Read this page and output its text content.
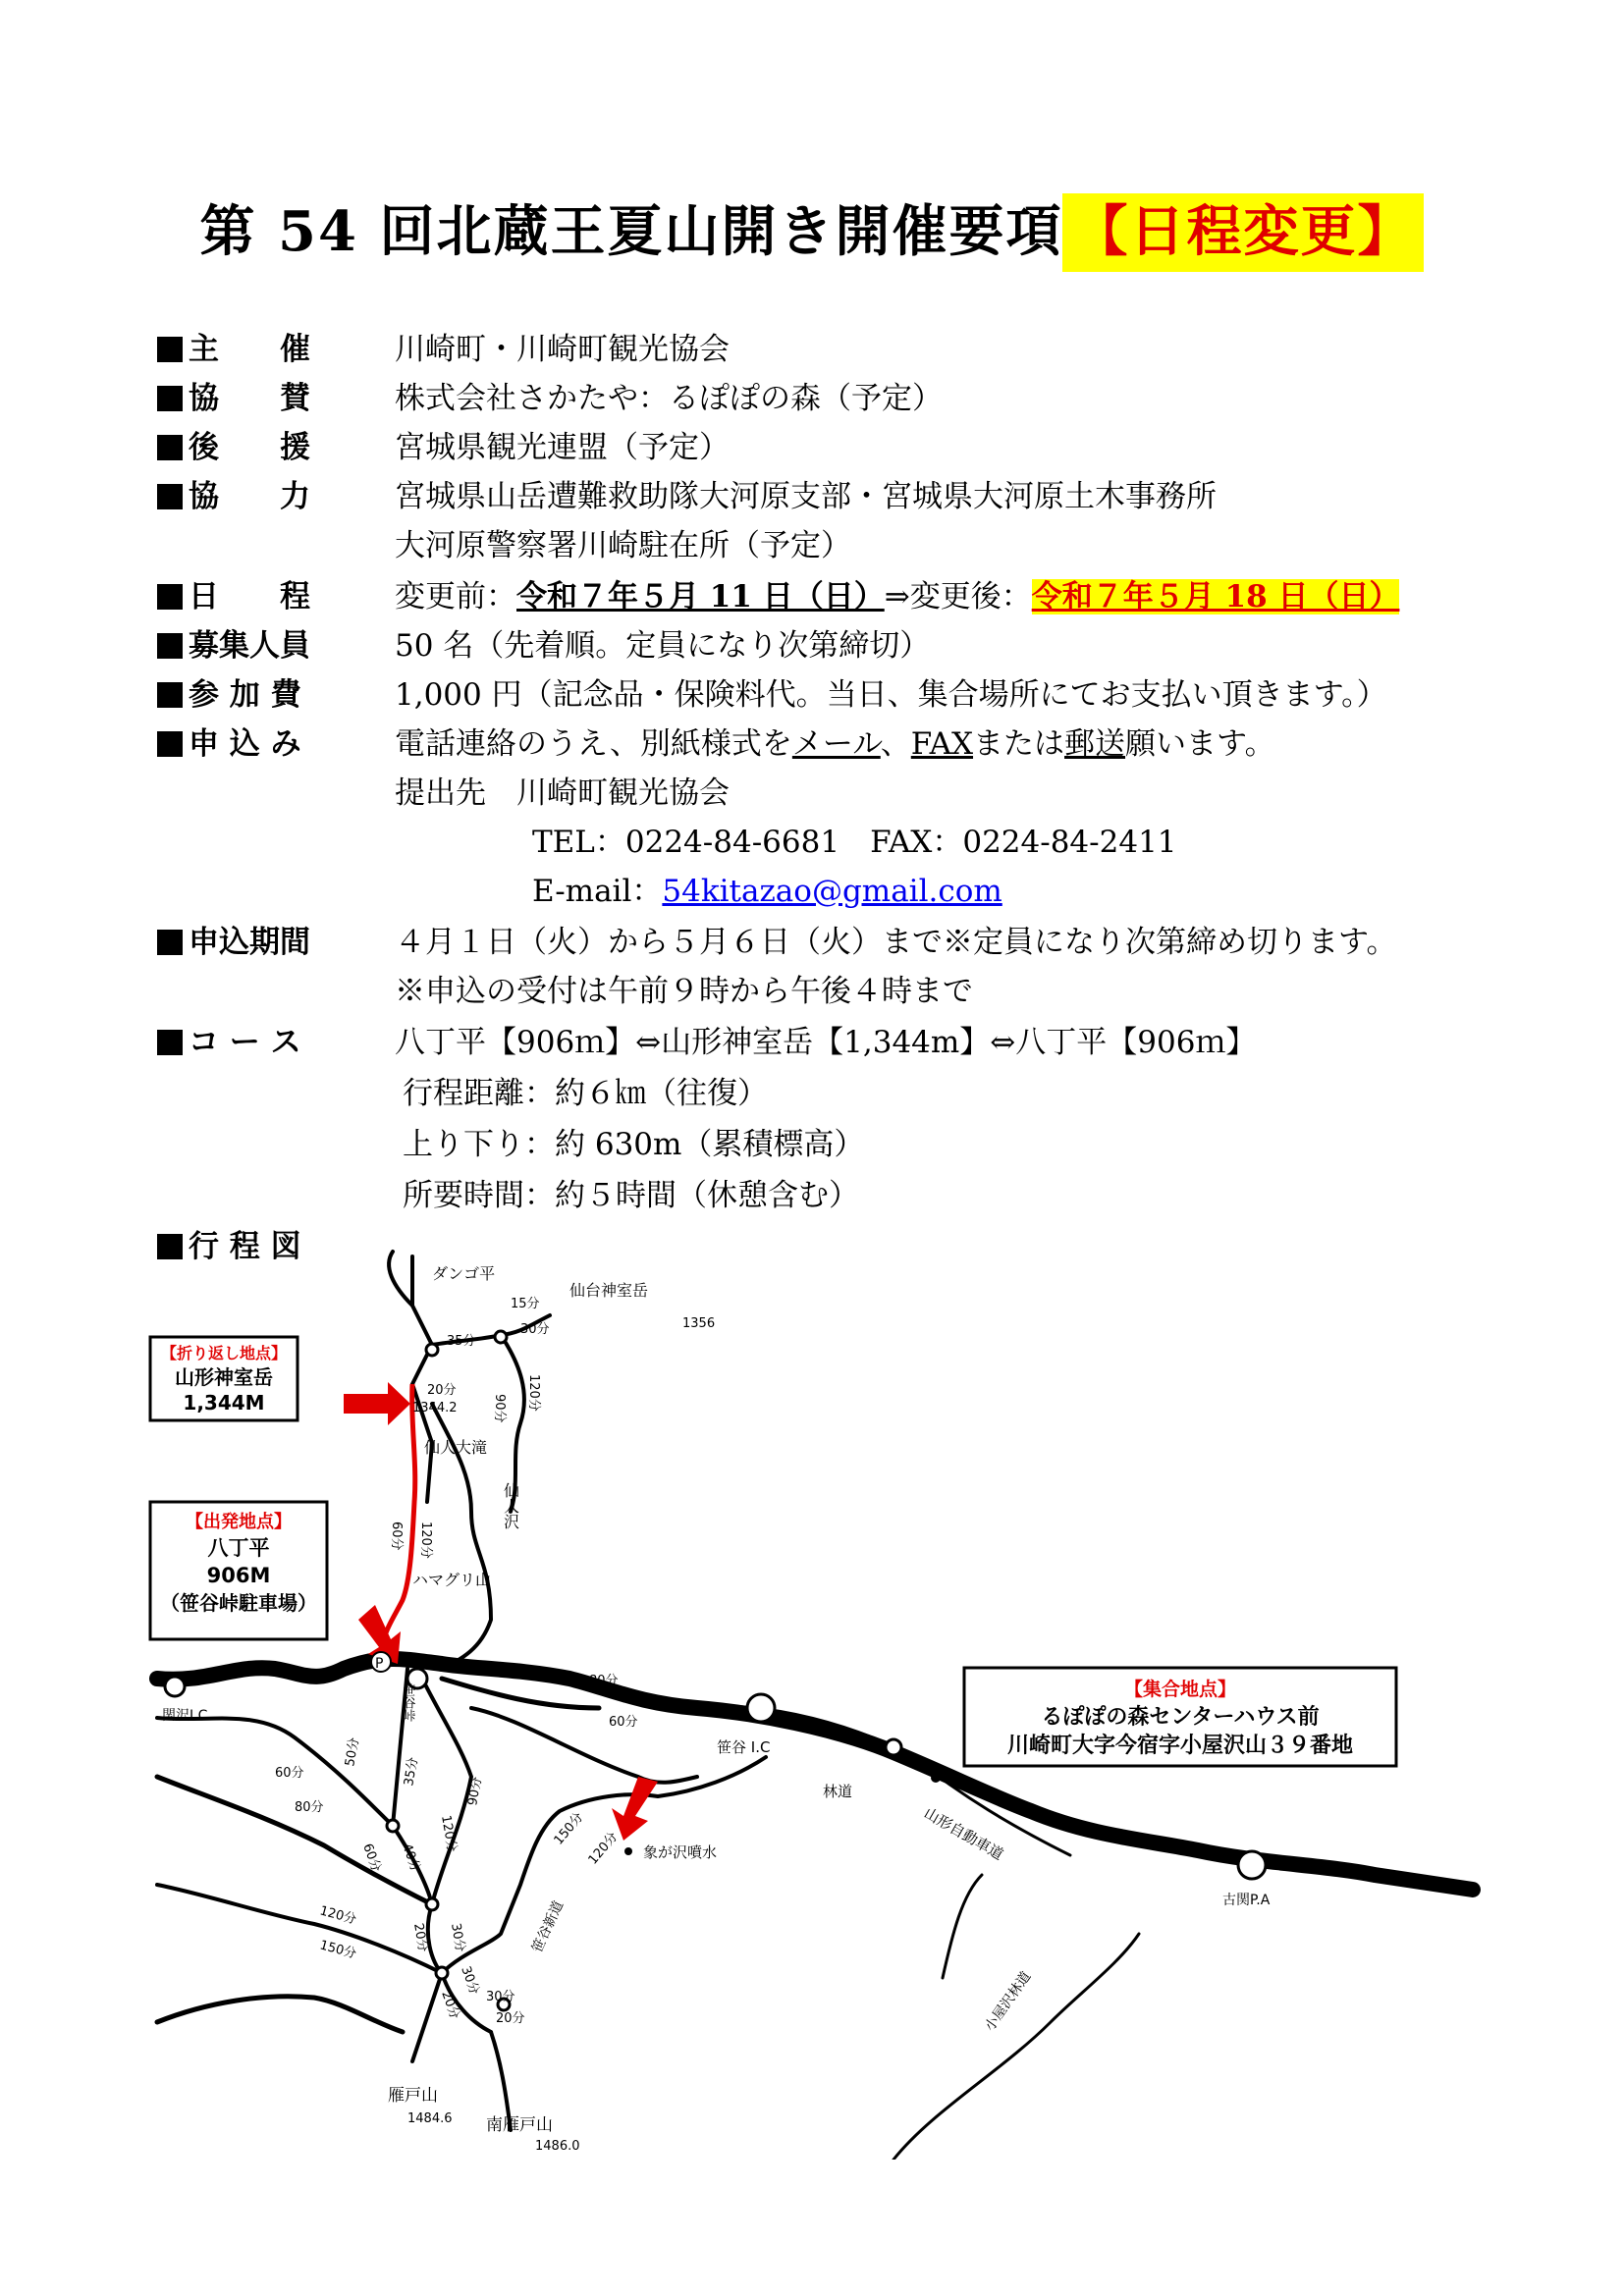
第 54 回北蔵王夏山開き開催要項 【日程変更】
主　　催	川崎町・川崎町観光協会
協　　賛	株式会社さかたや：るぽぽの森（予定）
後　　援	宮城県観光連盟（予定）
協　　力	宮城県山岳遭難救助隊大河原支部・宮城県大河原土木事務所
大河原警察署川崎駐在所（予定）
日　　程	変更前：令和７年５月 11 日（日）⇒変更後：令和７年５月 18 日（日）
募集人員	50 名（先着順。定員になり次第締切）
参 加 費	1,000 円（記念品・保険料代。当日、集合場所にてお支払い頂きます。）
申 込 み	電話連絡のうえ、別紙様式をメール、FAXまたは郵送願います。
提出先　川崎町観光協会
TEL：0224-84-6681　FAX：0224-84-2411
E-mail：54kitazao@gmail.com
申込期間	４月１日（火）から５月６日（火）まで※定員になり次第締め切ります。
※申込の受付は午前９時から午後４時まで
コ ー ス	八丁平【906ｍ】⇔山形神室岳【1,344m】⇔八丁平【906ｍ】
行程距離：約６㎞（往復）
上り下り：約 630m（累積標高）
所要時間：約５時間（休憩含む）
行 程 図
P
【折り返し地点】
山形神室岳
1,344M
【出発地点】
八丁平
906M
（笹谷峠駐車場）
【集合地点】
るぽぽの森センターハウス前
川崎町大字今宿字小屋沢山３９番地
ダンゴ平
仙台神室岳
1356
1344.2
仙人大滝
仙人沢
ハマグリ山
笹谷峠
関沢I.C
笹谷 I.C
林道
山形自動車道
古関P.A
小屋沢林道
象が沢噴水
笹谷新道
雁戸山
1484.6 南雁戸山
1486.0
15分
35分
30分
20分
90分 120分
120分
60分
80分
60分
50分
35分
60分
80分
60分 40分
120分
90分
150分
120分
120分
150分	20分 30分
30分
20分 30分
20分
